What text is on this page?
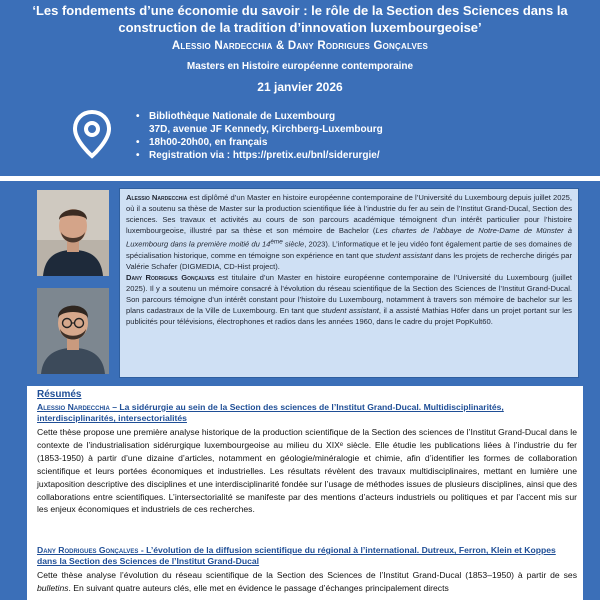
‘Les fondements d’une économie du savoir : le rôle de la Section des Sciences dans la construction de la tradition d’innovation luxembourgeoise’
Alessio Nardecchia & Dany Rodrigues Gonçalves
Masters en Histoire européenne contemporaine
21 janvier 2026
• Bibliothèque Nationale de Luxembourg
37D, avenue JF Kennedy, Kirchberg-Luxembourg
• 18h00-20h00, en français
• Registration via : https://pretix.eu/bnl/siderurgie/

Alessio Nardecchia est diplômé d’un Master en histoire européenne contemporaine de l’Université du Luxembourg depuis juillet 2025, où il a soutenu sa thèse de Master sur la production scientifique liée à l’industrie du fer au sein de l’Institut Grand-Ducal, Section des sciences. Ses travaux et activités au cours de son parcours académique témoignent d’un intérêt particulier pour l’histoire luxembourgeoise, illustré par sa thèse et son mémoire de Bachelor (Les chartes de l’abbaye de Notre-Dame de Münster à Luxembourg dans la première moitié du 14ème siècle, 2023). L’informatique et le jeu vidéo font également partie de ses domaines de spécialisation historique, comme en témoigne son expérience en tant que student assistant dans les projets de recherche dirigés par Valérie Schafer (DIGMEDIA, CD-Hist project).

Dany Rodrigues Gonçalves est titulaire d’un Master en histoire européenne contemporaine de l’Université du Luxembourg (juillet 2025). Il y a soutenu un mémoire consacré à l’évolution du réseau scientifique de la Section des Sciences de l’Institut Grand-Ducal. Son parcours témoigne d’un intérêt constant pour l’histoire du Luxembourg, notamment à travers son mémoire de bachelor sur les plans cadastraux de la Ville de Luxembourg. En tant que student assistant, il a assisté Mathias Höfer dans un projet portant sur les publicités pour télévisions, électrophones et radios dans les années 1960, dans le cadre du projet PopKult60.

Résumés
Alessio Nardecchia – La sidérurgie au sein de la Section des sciences de l’Institut Grand-Ducal. Multidisciplinarités, interdisciplinarités, intersectorialités
Cette thèse propose une première analyse historique de la production scientifique de la Section des sciences de l’Institut Grand-Ducal dans le contexte de l’industrialisation sidérurgique luxembourgeoise au milieu du XIXᵉ siècle. Elle étudie les publications liées à l’industrie du fer (1853-1950) à partir d’une dizaine d’articles, notamment en géologie/minéralogie et chimie, afin d’identifier les formes de collaboration scientifique et leurs portées économiques et industrielles. Les résultats révèlent des travaux multidisciplinaires, mettant en lumière une juxtaposition descriptive des disciplines et une interdisciplinarité fondée sur l’usage de méthodes issues de plusieurs disciplines, ainsi que des collaborations entre scientifiques. L’intersectorialité se manifeste par des mentions d’acteurs industriels ou politiques et par l’accent mis sur les enjeux économiques et industriels de ces recherches.
Dany Rodrigues Gonçalves - L’évolution de la diffusion scientifique du régional à l’international. Dutreux, Ferron, Klein et Koppes dans la Section des Sciences de l’Institut Grand-Ducal
Cette thèse analyse l’évolution du réseau scientifique de la Section des Sciences de l’Institut Grand-Ducal (1853–1950) à partir de ses bulletins. En suivant quatre auteurs clés, elle met en évidence le passage d’échanges principalement directs
